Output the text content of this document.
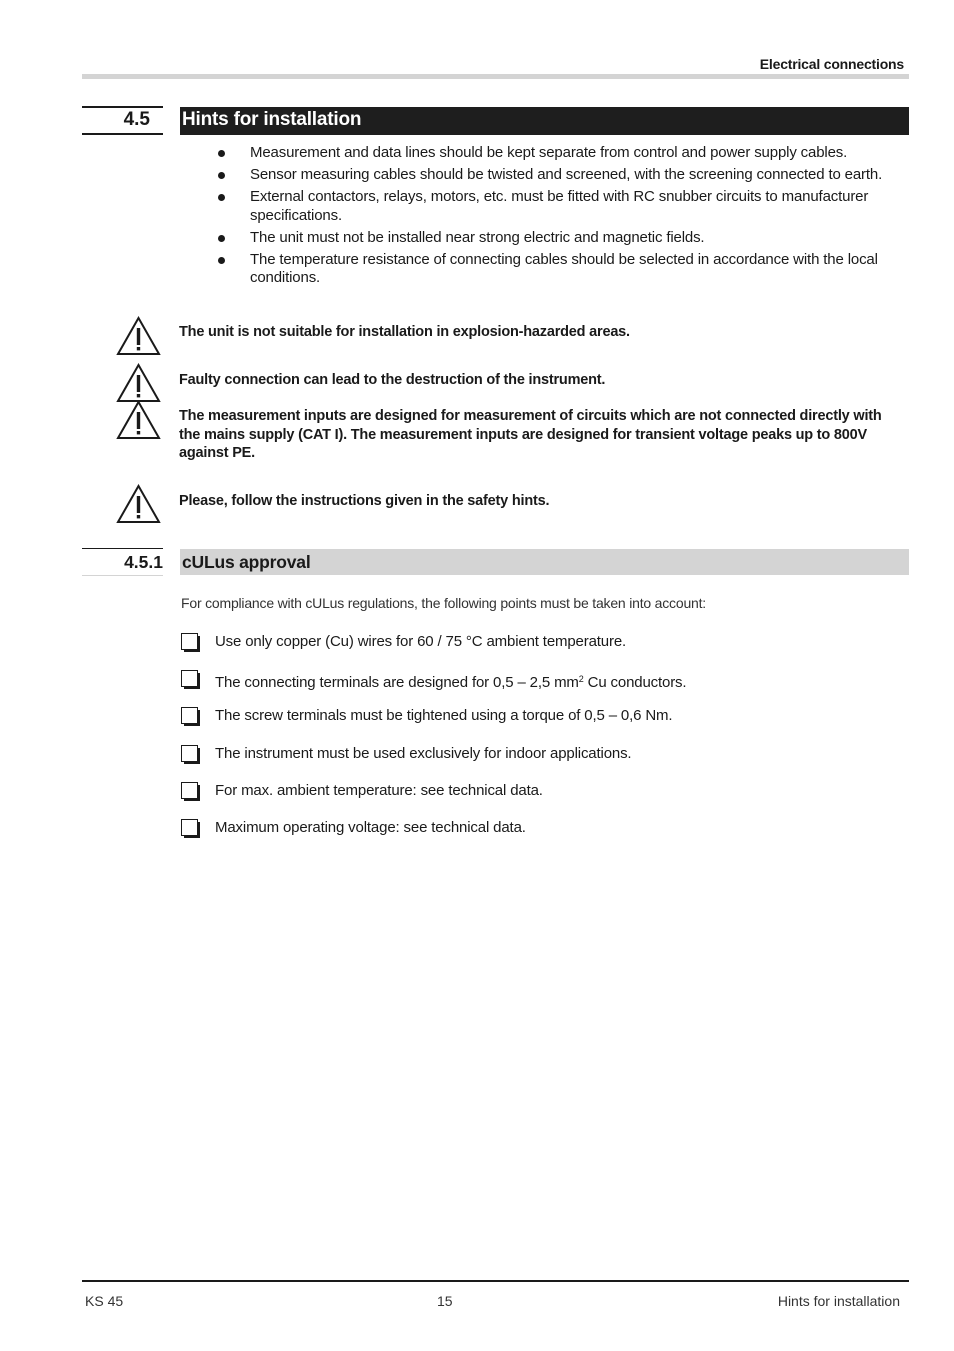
Electrical connections
4.5 Hints for installation
Measurement and data lines should be kept separate from control and power supply cables.
Sensor measuring cables should be twisted and screened, with the screening connected to earth.
External contactors, relays, motors, etc. must be fitted with RC snubber circuits to manufacturer specifications.
The unit must not be installed near strong electric and magnetic fields.
The temperature resistance of connecting cables should be selected in accordance with the local conditions.
The unit is not suitable for installation in explosion-hazarded areas.
Faulty connection can lead to the destruction of the instrument.
The measurement inputs are designed for measurement of circuits which are not connected directly with the mains supply (CAT I). The measurement inputs are designed for transient voltage peaks up to 800V against PE.
Please, follow the instructions given in the safety hints.
4.5.1 cULus approval
For compliance with cULus regulations, the following points must be taken into account:
Use only copper (Cu) wires for 60 / 75 °C ambient temperature.
The connecting terminals are designed for 0,5 – 2,5 $mm^2$ Cu conductors.
The screw terminals must be tightened using a torque of 0,5 – 0,6 Nm.
The instrument must be used exclusively for indoor applications.
For max. ambient temperature: see technical data.
Maximum operating voltage: see technical data.
KS 45	15	Hints for installation
